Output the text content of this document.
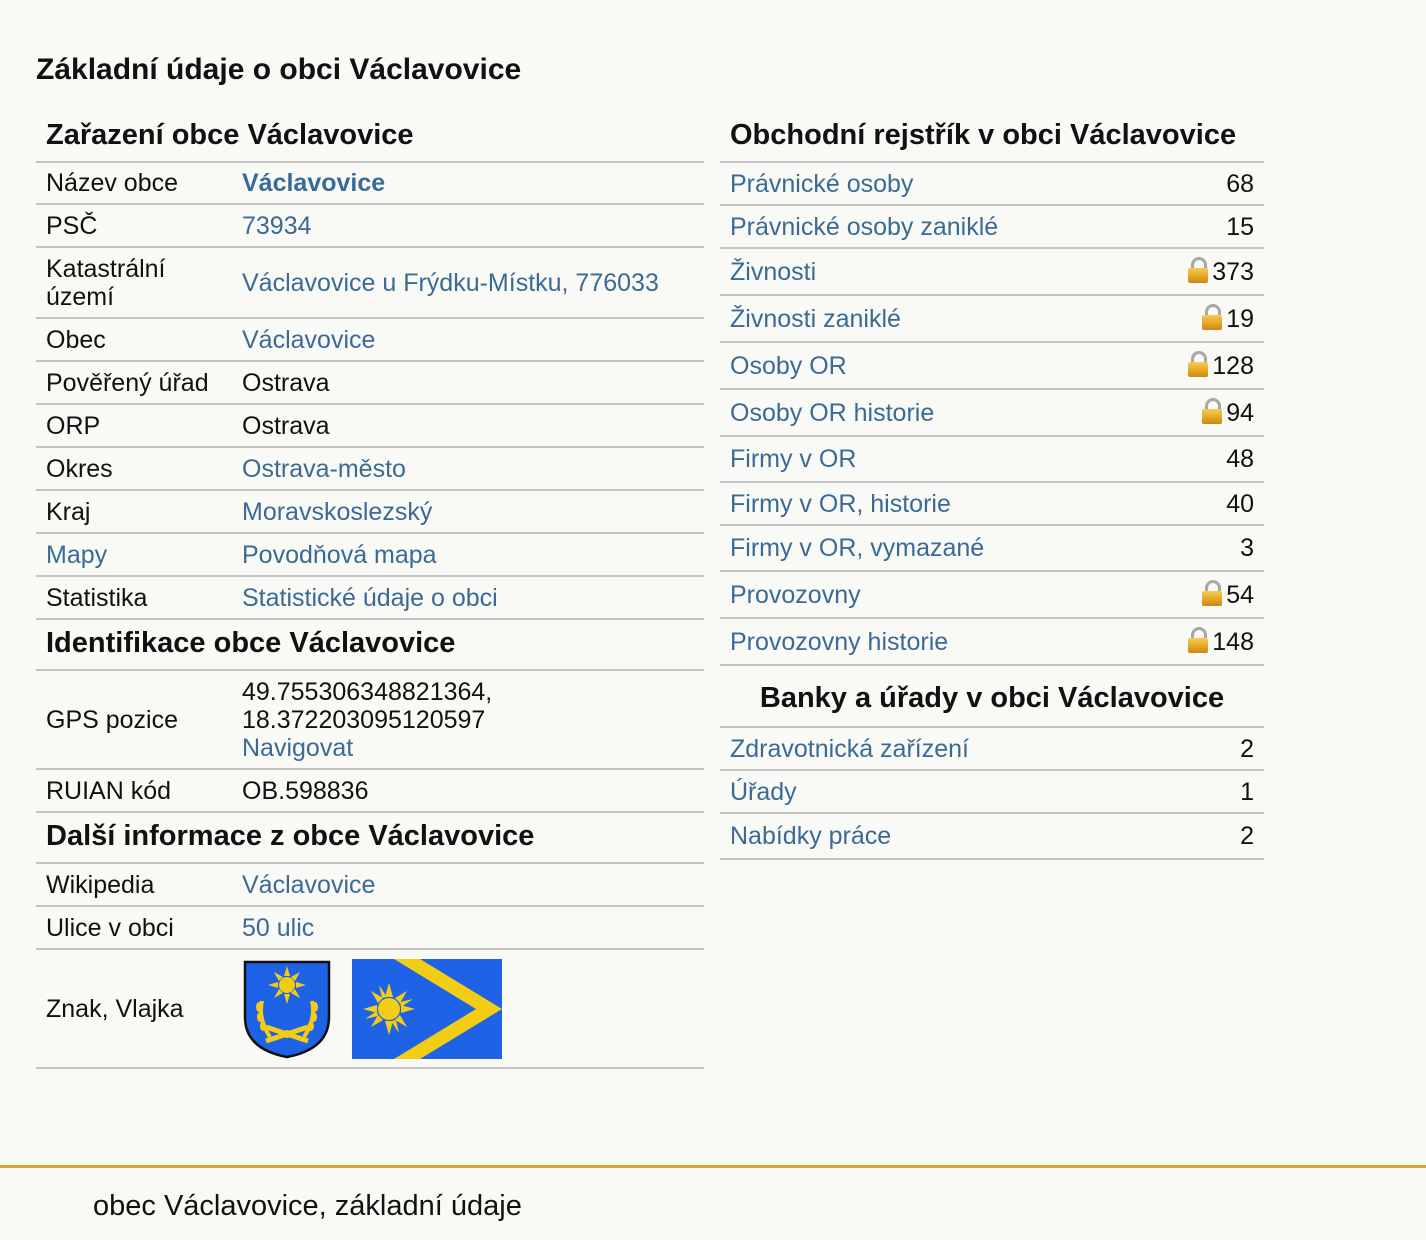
Základní údaje o obci Václavovice
Zařazení obce Václavovice
Název obce	Václavovice
PSČ	73934
Katastrální území	Václavovice u Frýdku-Místku, 776033
Obec	Václavovice
Pověřený úřad	Ostrava
ORP	Ostrava
Okres	Ostrava-město
Kraj	Moravskoslezský
Mapy	Povodňová mapa
Statistika	Statistické údaje o obci
Identifikace obce Václavovice
GPS pozice	49.755306348821364,
18.372203095120597
Navigovat
RUIAN kód	OB.598836
Další informace z obce Václavovice
Wikipedia	Václavovice
Ulice v obci	50 ulic
Znak, Vlajka	
Obchodní rejstřík v obci Václavovice
Právnické osoby	68
Právnické osoby zaniklé	15
Živnosti	373
Živnosti zaniklé	19
Osoby OR	128
Osoby OR historie	94
Firmy v OR	48
Firmy v OR, historie	40
Firmy v OR, vymazané	3
Provozovny	54
Provozovny historie	148
Banky a úřady v obci Václavovice
Zdravotnická zařízení	2
Úřady	1
Nabídky práce	2
obec Václavovice, základní údaje
